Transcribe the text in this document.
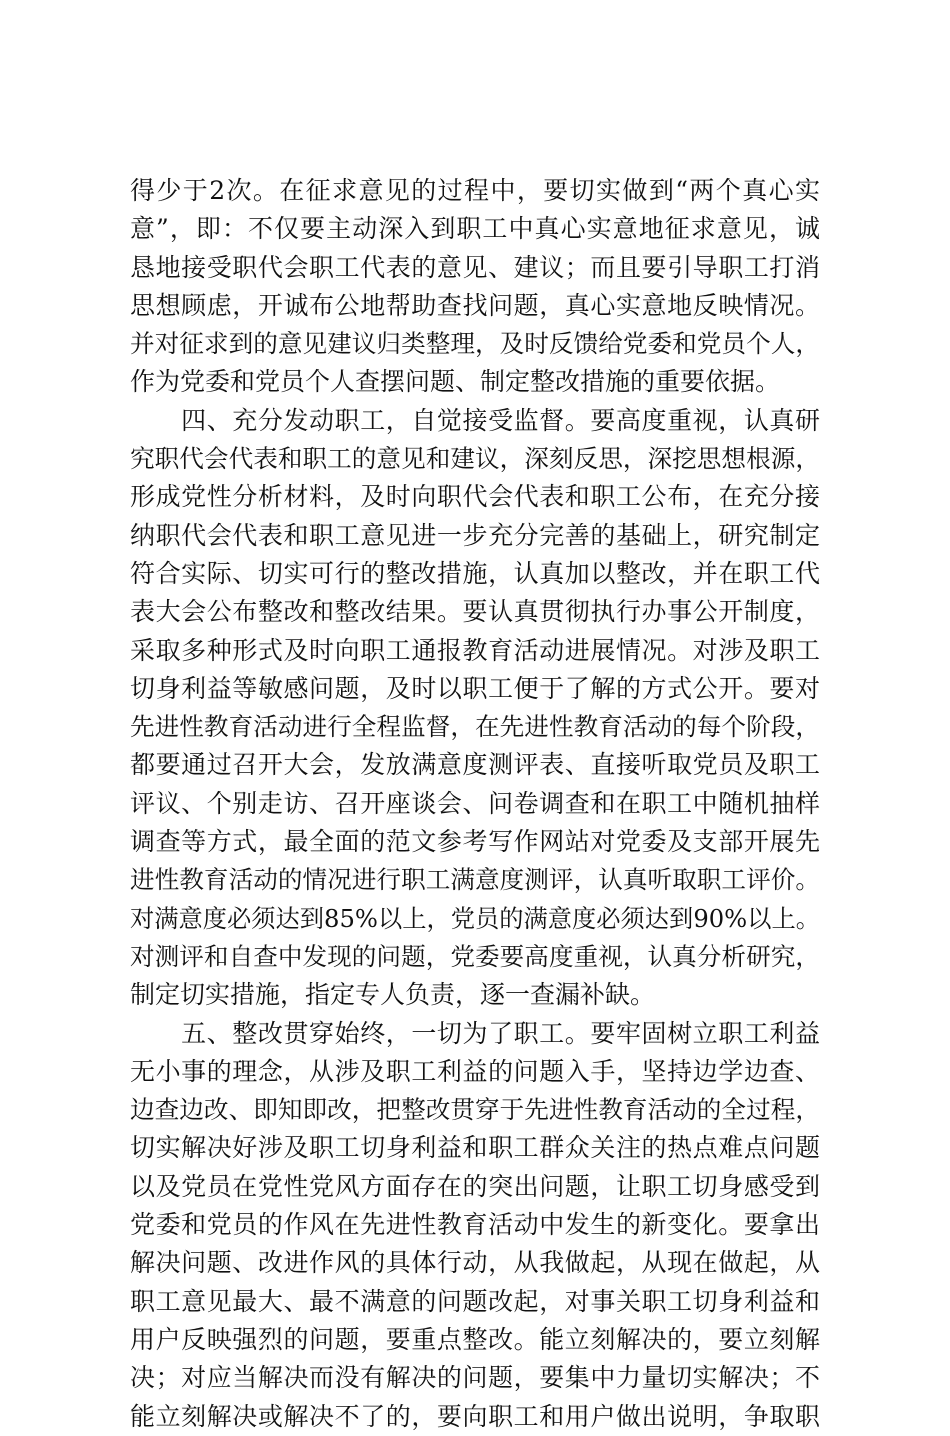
得少于2次。在征求意见的过程中，要切实做到“两个真心实
意”，即：不仅要主动深入到职工中真心实意地征求意见，诚
恳地接受职代会职工代表的意见、建议；而且要引导职工打消
思想顾虑，开诚布公地帮助查找问题，真心实意地反映情况。
并对征求到的意见建议归类整理，及时反馈给党委和党员个人，
作为党委和党员个人查摆问题、制定整改措施的重要依据。
　　四、充分发动职工，自觉接受监督。要高度重视，认真研
究职代会代表和职工的意见和建议，深刻反思，深挖思想根源，
形成党性分析材料，及时向职代会代表和职工公布，在充分接
纳职代会代表和职工意见进一步充分完善的基础上，研究制定
符合实际、切实可行的整改措施，认真加以整改，并在职工代
表大会公布整改和整改结果。要认真贯彻执行办事公开制度，
采取多种形式及时向职工通报教育活动进展情况。对涉及职工
切身利益等敏感问题，及时以职工便于了解的方式公开。要对
先进性教育活动进行全程监督，在先进性教育活动的每个阶段，
都要通过召开大会，发放满意度测评表、直接听取党员及职工
评议、个别走访、召开座谈会、问卷调查和在职工中随机抽样
调查等方式，最全面的范文参考写作网站对党委及支部开展先
进性教育活动的情况进行职工满意度测评，认真听取职工评价。
对满意度必须达到85%以上，党员的满意度必须达到90%以上。
对测评和自查中发现的问题，党委要高度重视，认真分析研究，
制定切实措施，指定专人负责，逐一查漏补缺。
　　五、整改贯穿始终，一切为了职工。要牢固树立职工利益
无小事的理念，从涉及职工利益的问题入手，坚持边学边查、
边查边改、即知即改，把整改贯穿于先进性教育活动的全过程，
切实解决好涉及职工切身利益和职工群众关注的热点难点问题
以及党员在党性党风方面存在的突出问题，让职工切身感受到
党委和党员的作风在先进性教育活动中发生的新变化。要拿出
解决问题、改进作风的具体行动，从我做起，从现在做起，从
职工意见最大、最不满意的问题改起，对事关职工切身利益和
用户反映强烈的问题，要重点整改。能立刻解决的，要立刻解
决；对应当解决而没有解决的问题，要集中力量切实解决；不
能立刻解决或解决不了的，要向职工和用户做出说明，争取职
